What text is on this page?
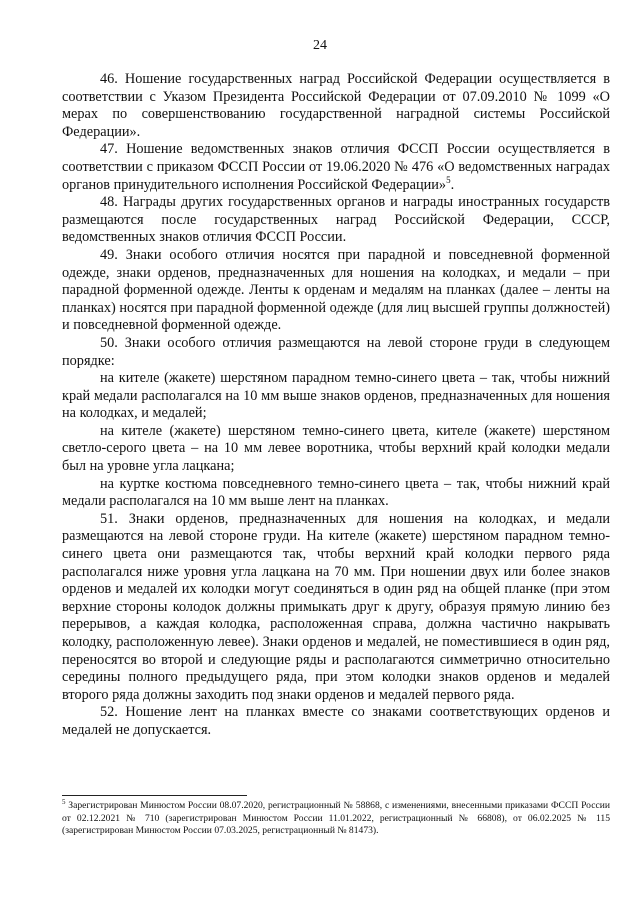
24

46. Ношение государственных наград Российской Федерации осуществляется в соответствии с Указом Президента Российской Федерации от 07.09.2010 № 1099 «О мерах по совершенствованию государственной наградной системы Российской Федерации».

47. Ношение ведомственных знаков отличия ФССП России осуществляется в соответствии с приказом ФССП России от 19.06.2020 № 476 «О ведомственных наградах органов принудительного исполнения Российской Федерации»$^5$.

48. Награды других государственных органов и награды иностранных государств размещаются после государственных наград Российской Федерации, СССР, ведомственных знаков отличия ФССП России.

49. Знаки особого отличия носятся при парадной и повседневной форменной одежде, знаки орденов, предназначенных для ношения на колодках, и медали – при парадной форменной одежде. Ленты к орденам и медалям на планках (далее – ленты на планках) носятся при парадной форменной одежде (для лиц высшей группы должностей) и повседневной форменной одежде.

50. Знаки особого отличия размещаются на левой стороне груди в следующем порядке:

на кителе (жакете) шерстяном парадном темно-синего цвета – так, чтобы нижний край медали располагался на 10 мм выше знаков орденов, предназначенных для ношения на колодках, и медалей;

на кителе (жакете) шерстяном темно-синего цвета, кителе (жакете) шерстяном светло-серого цвета – на 10 мм левее воротника, чтобы верхний край колодки медали был на уровне угла лацкана;

на куртке костюма повседневного темно-синего цвета – так, чтобы нижний край медали располагался на 10 мм выше лент на планках.

51. Знаки орденов, предназначенных для ношения на колодках, и медали размещаются на левой стороне груди. На кителе (жакете) шерстяном парадном темно-синего цвета они размещаются так, чтобы верхний край колодки первого ряда располагался ниже уровня угла лацкана на 70 мм. При ношении двух или более знаков орденов и медалей их колодки могут соединяться в один ряд на общей планке (при этом верхние стороны колодок должны примыкать друг к другу, образуя прямую линию без перерывов, а каждая колодка, расположенная справа, должна частично накрывать колодку, расположенную левее). Знаки орденов и медалей, не поместившиеся в один ряд, переносятся во второй и следующие ряды и располагаются симметрично относительно середины полного предыдущего ряда, при этом колодки знаков орденов и медалей второго ряда должны заходить под знаки орденов и медалей первого ряда.

52. Ношение лент на планках вместе со знаками соответствующих орденов и медалей не допускается.

$^5$ Зарегистрирован Минюстом России 08.07.2020, регистрационный № 58868, с изменениями, внесенными приказами ФССП России от 02.12.2021 № 710 (зарегистрирован Минюстом России 11.01.2022, регистрационный № 66808), от 06.02.2025 № 115 (зарегистрирован Минюстом России 07.03.2025, регистрационный № 81473).
